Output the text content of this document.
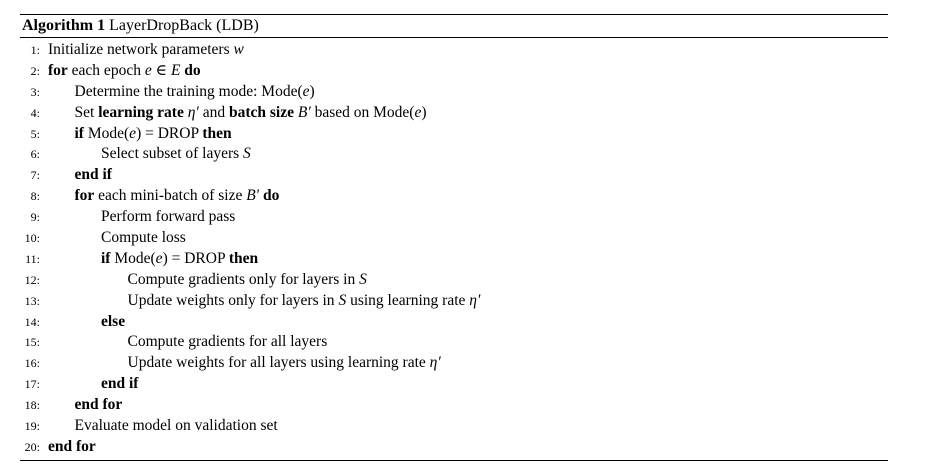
Algorithm 1 LayerDropBack (LDB)
1: Initialize network parameters w
2: for each epoch e ∈ E do
3: Determine the training mode: Mode(e)
4: Set learning rate η′ and batch size B′ based on Mode(e)
5: if Mode(e) = DROP then
6:	Select subset of layers S
7: end if
8: for each mini-batch of size B′ do
9:	Perform forward pass
10:	Compute loss
11:	if Mode(e) = DROP then
12:	Compute gradients only for layers in S
13:	Update weights only for layers in S using learning rate η′
14:	else
15:	Compute gradients for all layers
16:	Update weights for all layers using learning rate η′
17:	end if
18: end for
19: Evaluate model on validation set
20: end for
